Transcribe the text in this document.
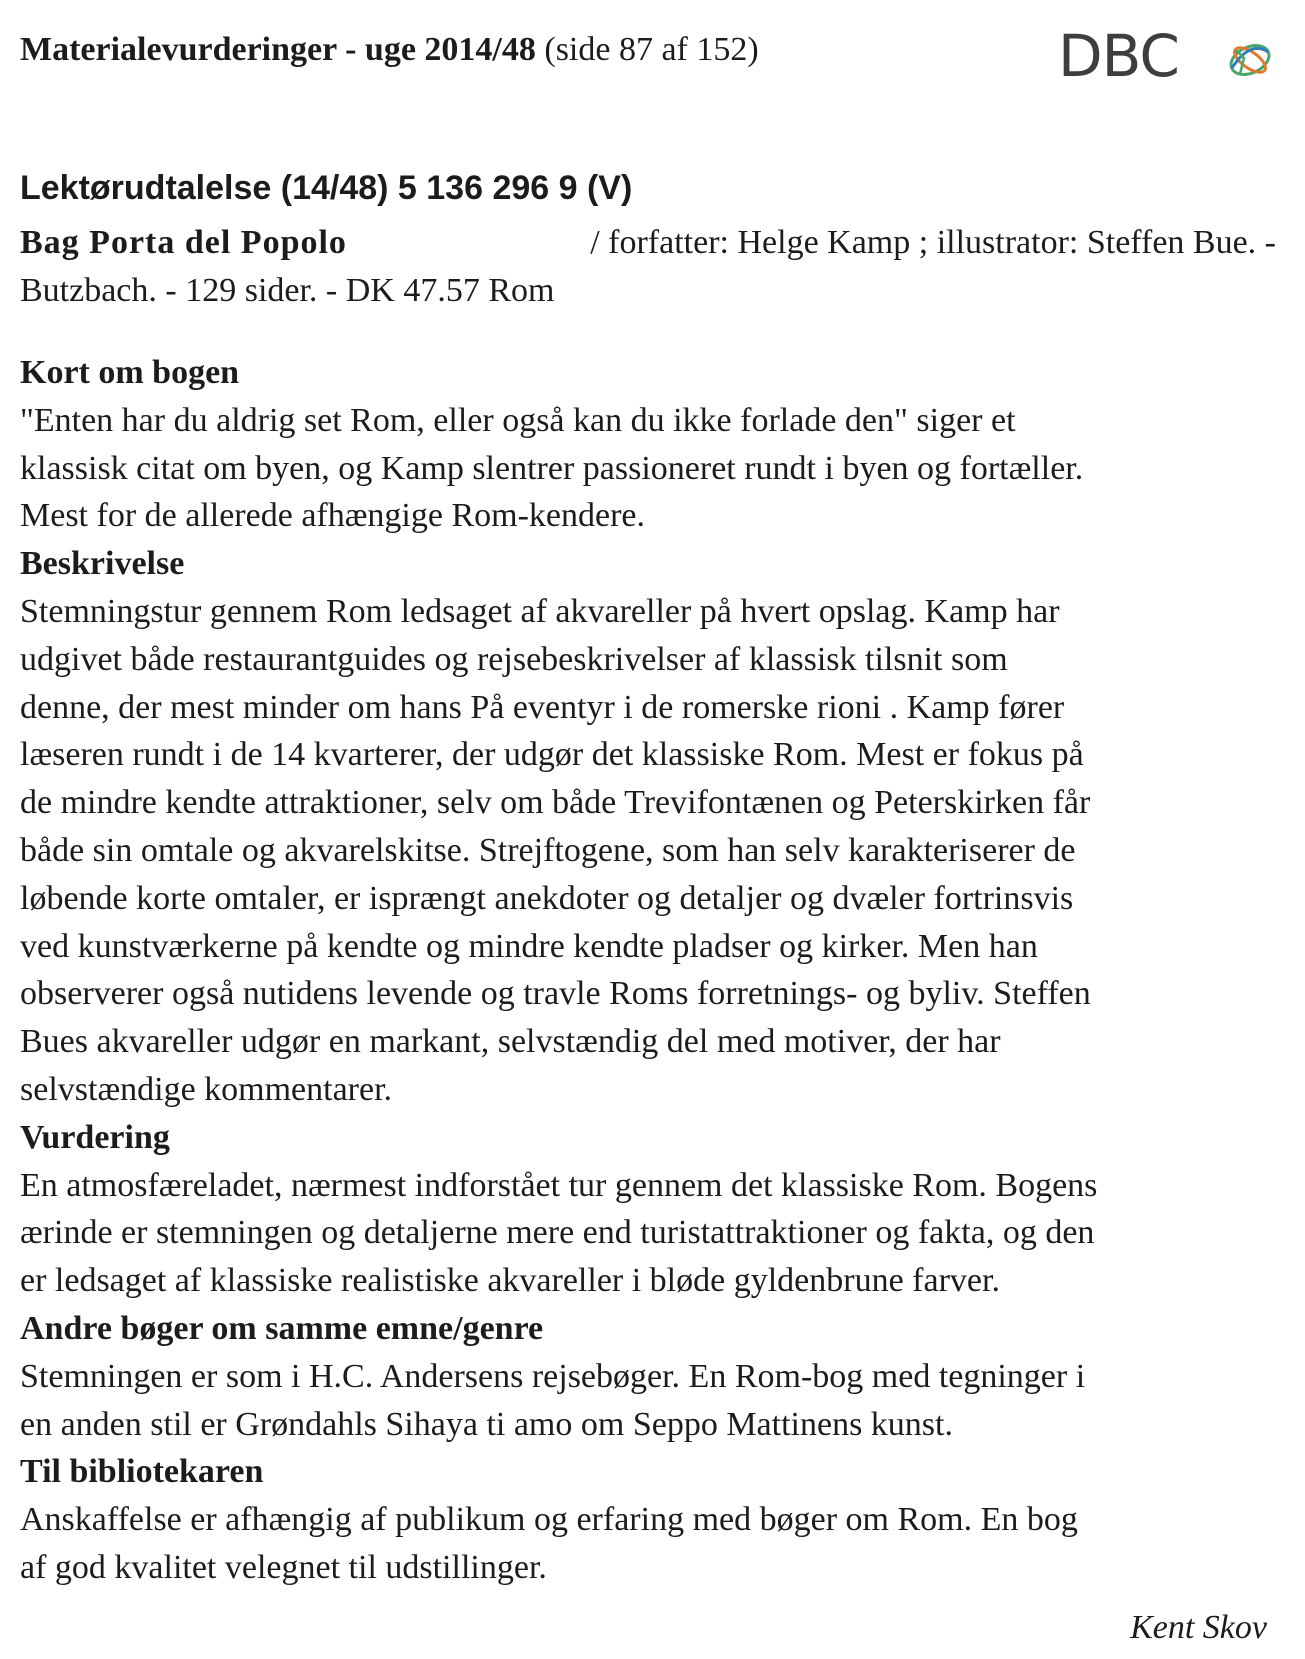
Materialevurderinger - uge 2014/48 (side 87 af 152)	DBC
Lektørudtalelse (14/48) 5 136 296 9 (V)
Bag Porta del Popolo	/ forfatter: Helge Kamp ; illustrator: Steffen Bue. -
Butzbach. - 129 sider. - DK 47.57 Rom
Kort om bogen
"Enten har du aldrig set Rom, eller også kan du ikke forlade den" siger et
klassisk citat om byen, og Kamp slentrer passioneret rundt i byen og fortæller.
Mest for de allerede afhængige Rom-kendere.
Beskrivelse
Stemningstur gennem Rom ledsaget af akvareller på hvert opslag. Kamp har
udgivet både restaurantguides og rejsebeskrivelser af klassisk tilsnit som
denne, der mest minder om hans På eventyr i de romerske rioni . Kamp fører
læseren rundt i de 14 kvarterer, der udgør det klassiske Rom. Mest er fokus på
de mindre kendte attraktioner, selv om både Trevifontænen og Peterskirken får
både sin omtale og akvarelskitse. Strejftogene, som han selv karakteriserer de
løbende korte omtaler, er isprængt anekdoter og detaljer og dvæler fortrinsvis
ved kunstværkerne på kendte og mindre kendte pladser og kirker. Men han
observerer også nutidens levende og travle Roms forretnings- og byliv. Steffen
Bues akvareller udgør en markant, selvstændig del med motiver, der har
selvstændige kommentarer.
Vurdering
En atmosfæreladet, nærmest indforstået tur gennem det klassiske Rom. Bogens
ærinde er stemningen og detaljerne mere end turistattraktioner og fakta, og den
er ledsaget af klassiske realistiske akvareller i bløde gyldenbrune farver.
Andre bøger om samme emne/genre
Stemningen er som i H.C. Andersens rejsebøger. En Rom-bog med tegninger i
en anden stil er Grøndahls Sihaya ti amo om Seppo Mattinens kunst.
Til bibliotekaren
Anskaffelse er afhængig af publikum og erfaring med bøger om Rom. En bog
af god kvalitet velegnet til udstillinger.
Kent Skov
